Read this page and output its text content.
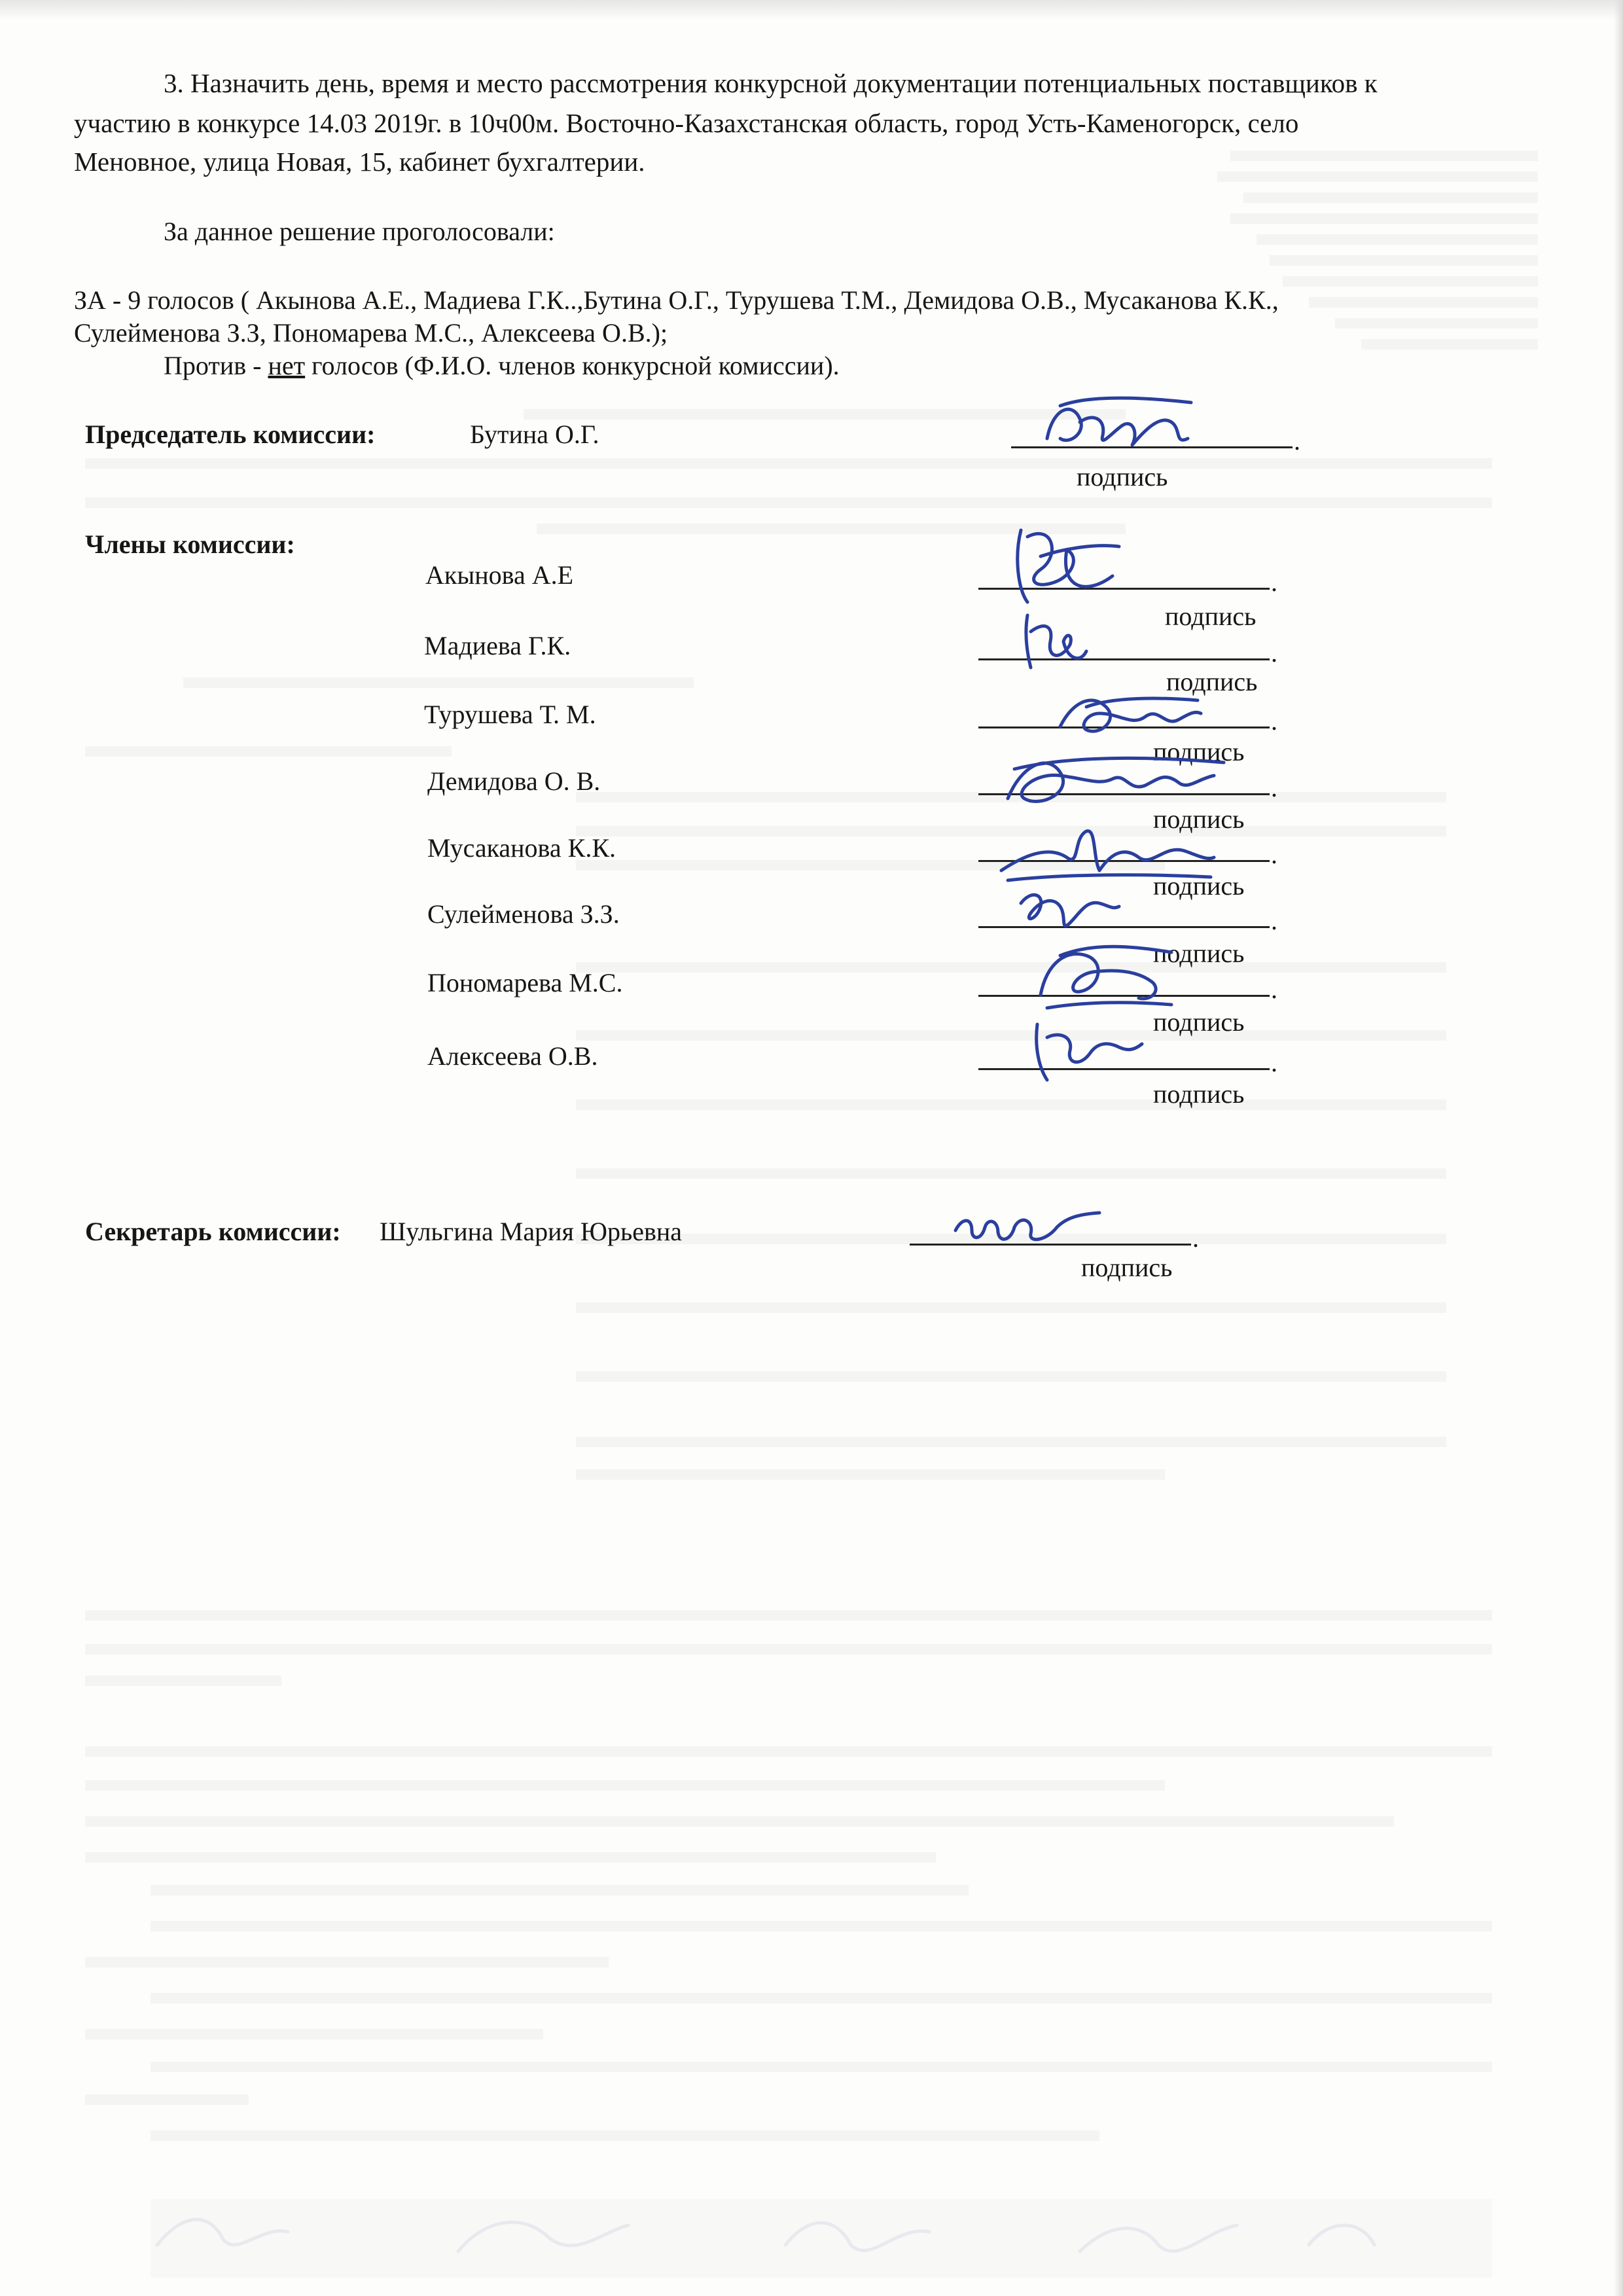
3. Назначить день, время и место рассмотрения конкурсной документации потенциальных поставщиков к
участию в конкурсе 14.03 2019г. в 10ч00м. Восточно-Казахстанская область, город Усть-Каменогорск, село
Меновное, улица Новая, 15, кабинет бухгалтерии.
За данное решение проголосовали:
ЗА - 9 голосов ( Акынова А.Е., Мадиева Г.К..,Бутина О.Г., Турушева Т.М., Демидова О.В., Мусаканова К.К.,
Сулейменова З.З, Пономарева М.С., Алексеева О.В.);
Против - нет голосов (Ф.И.О. членов конкурсной комиссии).
Председатель комиссии:	Бутина О.Г.	.
подпись
Члены комиссии:
Акынова А.Е	.
подпись
Мадиева Г.К.	.
подпись
Турушева Т. М.	.
подпись
Демидова О. В.	.
подпись
Мусаканова К.К.	.
подпись
Сулейменова З.З.	.
подпись
Пономарева М.С.	.
подпись
Алексеева О.В.	.
подпись
Секретарь комиссии: Шульгина Мария Юрьевна	.
подпись
